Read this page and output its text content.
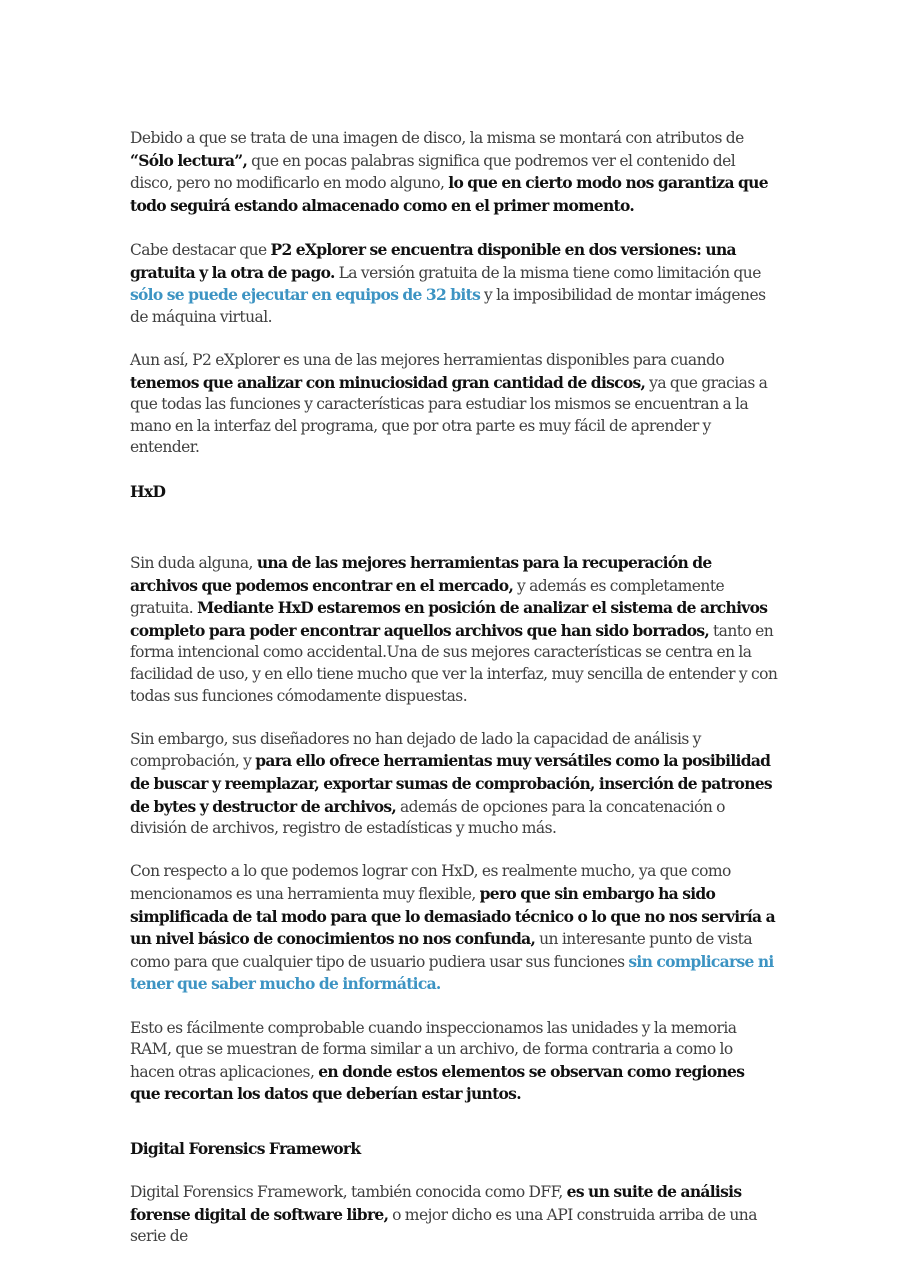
Debido a que se trata de una imagen de disco, la misma se montará con atributos de “Sólo lectura”, que en pocas palabras significa que podremos ver el contenido del disco, pero no modificarlo en modo alguno, lo que en cierto modo nos garantiza que todo seguirá estando almacenado como en el primer momento.

Cabe destacar que P2 eXplorer se encuentra disponible en dos versiones: una gratuita y la otra de pago. La versión gratuita de la misma tiene como limitación que sólo se puede ejecutar en equipos de 32 bits y la imposibilidad de montar imágenes de máquina virtual.

Aun así, P2 eXplorer es una de las mejores herramientas disponibles para cuando tenemos que analizar con minuciosidad gran cantidad de discos, ya que gracias a que todas las funciones y características para estudiar los mismos se encuentran a la mano en la interfaz del programa, que por otra parte es muy fácil de aprender y entender.

HxD

Sin duda alguna, una de las mejores herramientas para la recuperación de archivos que podemos encontrar en el mercado, y además es completamente gratuita. Mediante HxD estaremos en posición de analizar el sistema de archivos completo para poder encontrar aquellos archivos que han sido borrados, tanto en forma intencional como accidental.Una de sus mejores características se centra en la facilidad de uso, y en ello tiene mucho que ver la interfaz, muy sencilla de entender y con todas sus funciones cómodamente dispuestas.

Sin embargo, sus diseñadores no han dejado de lado la capacidad de análisis y comprobación, y para ello ofrece herramientas muy versátiles como la posibilidad de buscar y reemplazar, exportar sumas de comprobación, inserción de patrones de bytes y destructor de archivos, además de opciones para la concatenación o división de archivos, registro de estadísticas y mucho más.

Con respecto a lo que podemos lograr con HxD, es realmente mucho, ya que como mencionamos es una herramienta muy flexible, pero que sin embargo ha sido simplificada de tal modo para que lo demasiado técnico o lo que no nos serviría a un nivel básico de conocimientos no nos confunda, un interesante punto de vista como para que cualquier tipo de usuario pudiera usar sus funciones sin complicarse ni tener que saber mucho de informática.

Esto es fácilmente comprobable cuando inspeccionamos las unidades y la memoria RAM, que se muestran de forma similar a un archivo, de forma contraria a como lo hacen otras aplicaciones, en donde estos elementos se observan como regiones que recortan los datos que deberían estar juntos.

Digital Forensics Framework

Digital Forensics Framework, también conocida como DFF, es un suite de análisis forense digital de software libre, o mejor dicho es una API construida arriba de una serie de
